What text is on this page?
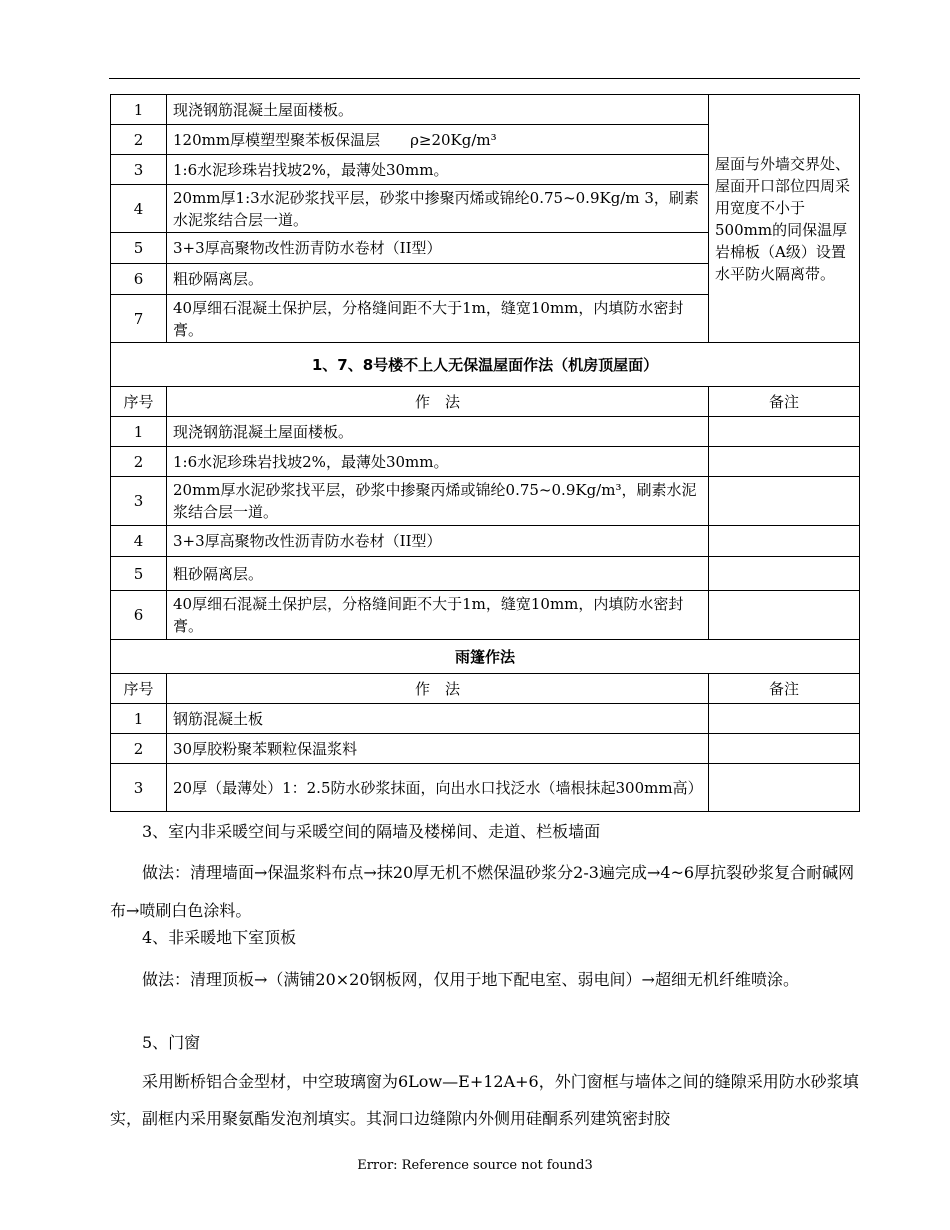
1	现浇钢筋混凝土屋面楼板。	屋面与外墙交界处、屋面开口部位四周采用宽度不小于500mm的同保温厚岩棉板（A级）设置水平防火隔离带。
2	120mm厚模塑型聚苯板保温层　　ρ≥20Kg/m³	
3	1:6水泥珍珠岩找坡2%，最薄处30mm。	
4	20mm厚1:3水泥砂浆找平层，砂浆中掺聚丙烯或锦纶0.75~0.9Kg/m 3，刷素水泥浆结合层一道。	
5	3+3厚高聚物改性沥青防水卷材（II型）	
6	粗砂隔离层。	
7	40厚细石混凝土保护层，分格缝间距不大于1m，缝宽10mm，内填防水密封膏。	
1、7、8号楼不上人无保温屋面作法（机房顶屋面）		
序号	作　法	备注
1	现浇钢筋混凝土屋面楼板。	
2	1:6水泥珍珠岩找坡2%，最薄处30mm。	
3	20mm厚水泥砂浆找平层，砂浆中掺聚丙烯或锦纶0.75~0.9Kg/m³，刷素水泥浆结合层一道。	
4	3+3厚高聚物改性沥青防水卷材（II型）	
5	粗砂隔离层。	
6	40厚细石混凝土保护层，分格缝间距不大于1m，缝宽10mm，内填防水密封膏。	
雨篷作法		
序号	作　法	备注
1	钢筋混凝土板	
2	30厚胶粉聚苯颗粒保温浆料	
3	20厚（最薄处）1：2.5防水砂浆抹面，向出水口找泛水（墙根抹起300mm高）	

3、室内非采暖空间与采暖空间的隔墙及楼梯间、走道、栏板墙面

做法：清理墙面→保温浆料布点→抹20厚无机不燃保温砂浆分2-3遍完成→4~6厚抗裂砂浆复合耐碱网布→喷刷白色涂料。

4、非采暖地下室顶板

做法：清理顶板→（满铺20×20钢板网，仅用于地下配电室、弱电间）→超细无机纤维喷涂。

5、门窗

采用断桥铝合金型材，中空玻璃窗为6Low—E+12A+6，外门窗框与墙体之间的缝隙采用防水砂浆填实，副框内采用聚氨酯发泡剂填实。其洞口边缝隙内外侧用硅酮系列建筑密封胶

Error: Reference source not found3
